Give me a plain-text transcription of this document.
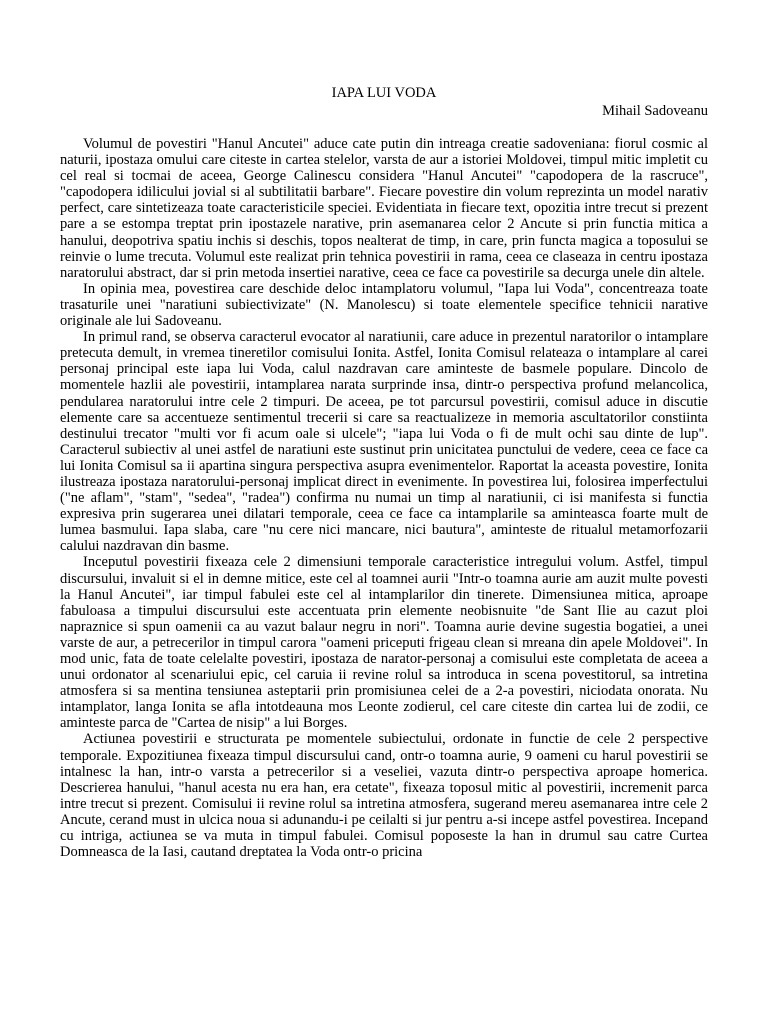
IAPA LUI VODA

Mihail Sadoveanu

Volumul de povestiri "Hanul Ancutei" aduce cate putin din intreaga creatie sadoveniana: fiorul cosmic al naturii, ipostaza omului care citeste in cartea stelelor, varsta de aur a istoriei Moldovei, timpul mitic impletit cu cel real si tocmai de aceea, George Calinescu considera "Hanul Ancutei" "capodopera de la rascruce", "capodopera idilicului jovial si al subtilitatii barbare". Fiecare povestire din volum reprezinta un model narativ perfect, care sintetizeaza toate caracteristicile speciei. Evidentiata in fiecare text, opozitia intre trecut si prezent pare a se estompa treptat prin ipostazele narative, prin asemanarea celor 2 Ancute si prin functia mitica a hanului, deopotriva spatiu inchis si deschis, topos nealterat de timp, in care, prin functa magica a toposului se reinvie o lume trecuta. Volumul este realizat prin tehnica povestirii in rama, ceea ce claseaza in centru ipostaza naratorului abstract, dar si prin metoda insertiei narative, ceea ce face ca povestirile sa decurga unele din altele.

In opinia mea, povestirea care deschide deloc intamplatoru volumul, "Iapa lui Voda", concentreaza toate trasaturile unei "naratiuni subiectivizate" (N. Manolescu) si toate elementele specifice tehnicii narative originale ale lui Sadoveanu.

In primul rand, se observa caracterul evocator al naratiunii, care aduce in prezentul naratorilor o intamplare pretecuta demult, in vremea tineretilor comisului Ionita. Astfel, Ionita Comisul relateaza o intamplare al carei personaj principal este iapa lui Voda, calul nazdravan care aminteste de basmele populare. Dincolo de momentele hazlii ale povestirii, intamplarea narata surprinde insa, dintr-o perspectiva profund melancolica, pendularea naratorului intre cele 2 timpuri. De aceea, pe tot parcursul povestirii, comisul aduce in discutie elemente care sa accentueze sentimentul trecerii si care sa reactualizeze in memoria ascultatorilor constiinta destinului trecator "multi vor fi acum oale si ulcele"; "iapa lui Voda o fi de mult ochi sau dinte de lup". Caracterul subiectiv al unei astfel de naratiuni este sustinut prin unicitatea punctului de vedere, ceea ce face ca lui Ionita Comisul sa ii apartina singura perspectiva asupra evenimentelor. Raportat la aceasta povestire, Ionita ilustreaza ipostaza naratorului-personaj implicat direct in evenimente. In povestirea lui, folosirea imperfectului ("ne aflam", "stam", "sedea", "radea") confirma nu numai un timp al naratiunii, ci isi manifesta si functia expresiva prin sugerarea unei dilatari temporale, ceea ce face ca intamplarile sa aminteasca foarte mult de lumea basmului. Iapa slaba, care "nu cere nici mancare, nici bautura", aminteste de ritualul metamorfozarii calului nazdravan din basme.

Inceputul povestirii fixeaza cele 2 dimensiuni temporale caracteristice intregului volum. Astfel, timpul discursului, invaluit si el in demne mitice, este cel al toamnei aurii "Intr-o toamna aurie am auzit multe povesti la Hanul Ancutei", iar timpul fabulei este cel al intamplarilor din tinerete. Dimensiunea mitica, aproape fabuloasa a timpului discursului este accentuata prin elemente neobisnuite "de Sant Ilie au cazut ploi napraznice si spun oamenii ca au vazut balaur negru in nori". Toamna aurie devine sugestia bogatiei, a unei varste de aur, a petrecerilor in timpul carora "oameni priceputi frigeau clean si mreana din apele Moldovei". In mod unic, fata de toate celelalte povestiri, ipostaza de narator-personaj a comisului este completata de aceea a unui ordonator al scenariului epic, cel caruia ii revine rolul sa introduca in scena povestitorul, sa intretina atmosfera si sa mentina tensiunea asteptarii prin promisiunea celei de a 2-a povestiri, niciodata onorata. Nu intamplator, langa Ionita se afla intotdeauna mos Leonte zodierul, cel care citeste din cartea lui de zodii, ce aminteste parca de "Cartea de nisip" a lui Borges.

Actiunea povestirii e structurata pe momentele subiectului, ordonate in functie de cele 2 perspective temporale. Expozitiunea fixeaza timpul discursului cand, ontr-o toamna aurie, 9 oameni cu harul povestirii se intalnesc la han, intr-o varsta a petrecerilor si a veseliei, vazuta dintr-o perspectiva aproape homerica. Descrierea hanului, "hanul acesta nu era han, era cetate", fixeaza toposul mitic al povestirii, incremenit parca intre trecut si prezent. Comisului ii revine rolul sa intretina atmosfera, sugerand mereu asemanarea intre cele 2 Ancute, cerand must in ulcica noua si adunandu-i pe ceilalti si jur pentru a-si incepe astfel povestirea. Incepand cu intriga, actiunea se va muta in timpul fabulei. Comisul poposeste la han in drumul sau catre Curtea Domneasca de la Iasi, cautand dreptatea la Voda ontr-o pricina
